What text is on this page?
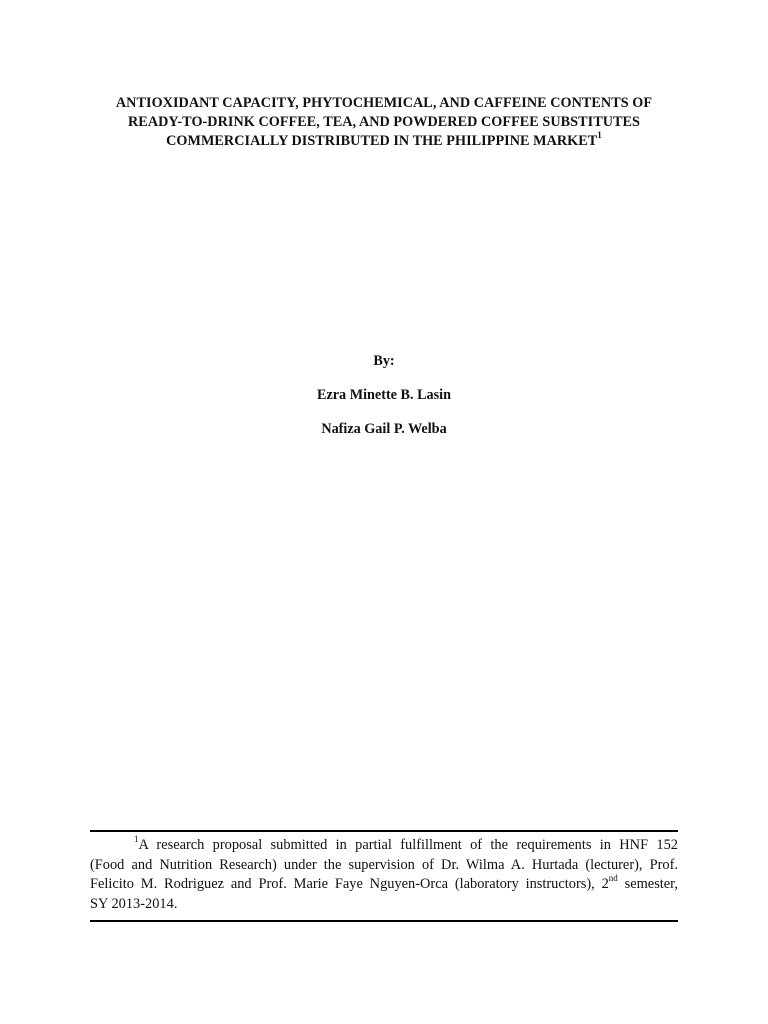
ANTIOXIDANT CAPACITY, PHYTOCHEMICAL, AND CAFFEINE CONTENTS OF
READY-TO-DRINK COFFEE, TEA, AND POWDERED COFFEE SUBSTITUTES
COMMERCIALLY DISTRIBUTED IN THE PHILIPPINE MARKET$^1$
By:
Ezra Minette B. Lasin
Nafiza Gail P. Welba
$^1$A research proposal submitted in partial fulfillment of the requirements in HNF 152
(Food and Nutrition Research) under the supervision of Dr. Wilma A. Hurtada (lecturer), Prof.
Felicito M. Rodriguez and Prof. Marie Faye Nguyen-Orca (laboratory instructors), 2nd semester,
SY 2013-2014.
